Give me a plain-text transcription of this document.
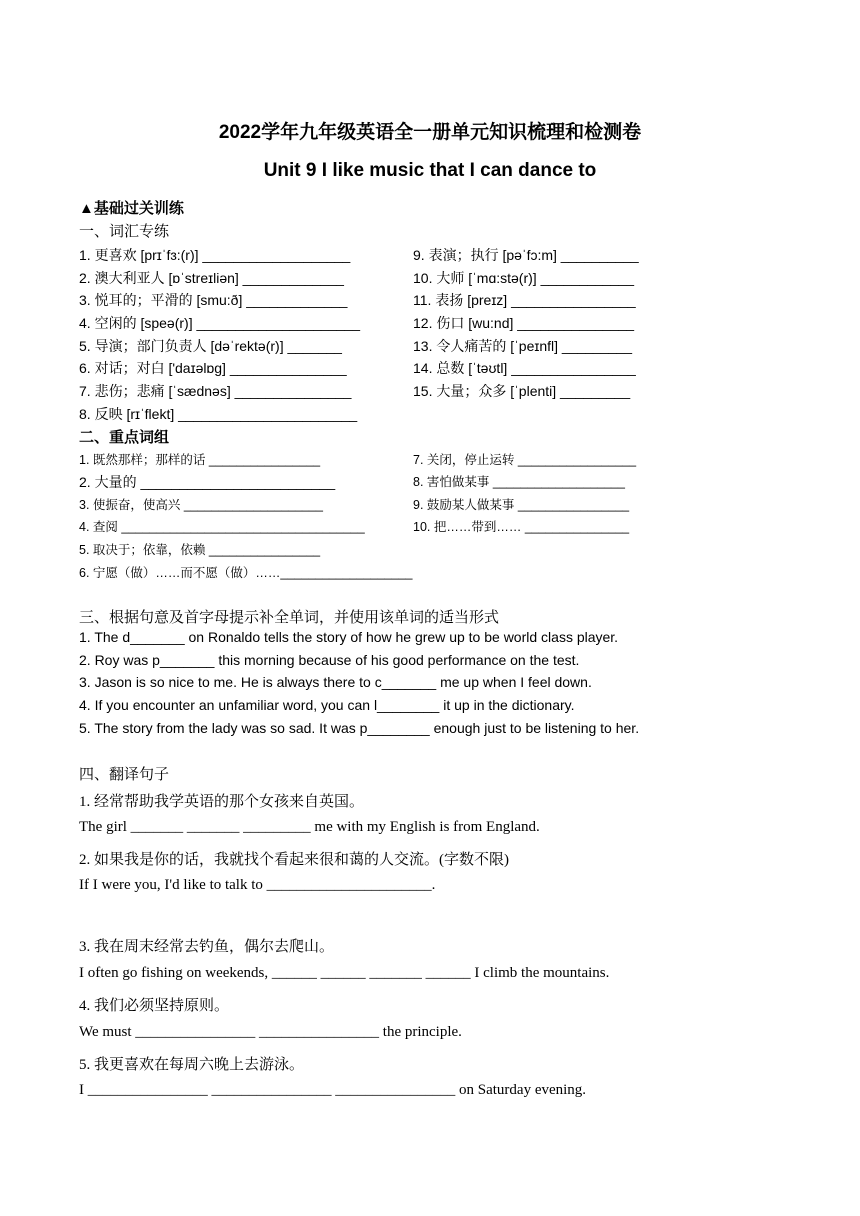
2022学年九年级英语全一册单元知识梳理和检测卷
Unit 9 I like music that I can dance to
▲基础过关训练
一、词汇专练
1. 更喜欢 [prɪˈfɜ:(r)] ___________________
2. 澳大利亚人 [ɒˈstreɪliən] _____________
3. 悦耳的；平滑的 [smu:ð] _____________
4. 空闲的 [speə(r)] _____________________
5. 导演；部门负责人 [dəˈrektə(r)] _______
6. 对话；对白 ['daɪəlɒg] _______________
7. 悲伤；悲痛 [ˈsædnəs] _______________
8. 反映 [rɪˈflekt] _______________________
9. 表演；执行 [pəˈfɔ:m] __________
10. 大师 [ˈmɑ:stə(r)] ____________
11. 表扬 [preɪz] ________________
12. 伤口 [wu:nd] _______________
13. 令人痛苦的 [ˈpeɪnfl] _________
14. 总数 [ˈtəʊtl] ________________
15. 大量；众多 [ˈplenti] _________
二、重点词组
1. 既然那样；那样的话 ________________
2. 大量的 _________________________
3. 使振奋，使高兴 ____________________
4. 查阅 ___________________________________
5. 取决于；依靠，依赖 ________________
6. 宁愿（做）……而不愿（做）……___________________
7. 关闭，停止运转 _________________
8. 害怕做某事 ___________________
9. 鼓励某人做某事 ________________
10. 把……带到…… _______________
三、根据句意及首字母提示补全单词，并使用该单词的适当形式
1. The d_______ on Ronaldo tells the story of how he grew up to be world class player.
2. Roy was p_______ this morning because of his good performance on the test.
3. Jason is so nice to me. He is always there to c_______ me up when I feel down.
4. If you encounter an unfamiliar word, you can l________ it up in the dictionary.
5. The story from the lady was so sad. It was p________ enough just to be listening to her.
四、翻译句子
1. 经常帮助我学英语的那个女孩来自英国。
The girl _______ _______ _________ me with my English is from England.
2. 如果我是你的话，我就找个看起来很和蔼的人交流。(字数不限)
If I were you, I'd like to talk to ______________________.
3. 我在周末经常去钓鱼，偶尔去爬山。
I often go fishing on weekends, ______ ______ _______ ______ I climb the mountains.
4. 我们必须坚持原则。
We must ________________ ________________ the principle.
5. 我更喜欢在每周六晚上去游泳。
I ________________ ________________ ________________ on Saturday evening.
